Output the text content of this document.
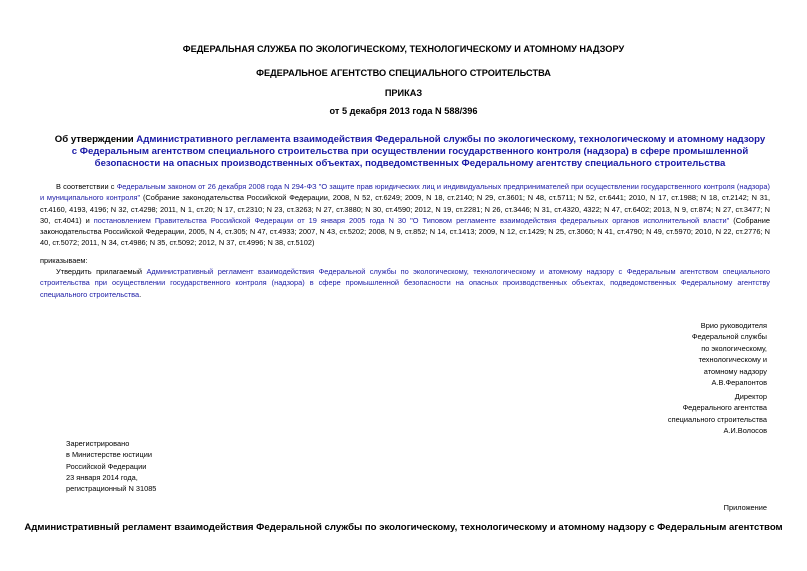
ФЕДЕРАЛЬНАЯ СЛУЖБА ПО ЭКОЛОГИЧЕСКОМУ, ТЕХНОЛОГИЧЕСКОМУ И АТОМНОМУ НАДЗОРУ
ФЕДЕРАЛЬНОЕ АГЕНТСТВО СПЕЦИАЛЬНОГО СТРОИТЕЛЬСТВА
ПРИКАЗ
от 5 декабря 2013 года N 588/396
Об утверждении Административного регламента взаимодействия Федеральной службы по экологическому, технологическому и атомному надзору с Федеральным агентством специального строительства при осуществлении государственного контроля (надзора) в сфере промышленной безопасности на опасных производственных объектах, подведомственных Федеральному агентству специального строительства
В соответствии с Федеральным законом от 26 декабря 2008 года N 294-ФЗ "О защите прав юридических лиц и индивидуальных предпринимателей при осуществлении государственного контроля (надзора) и муниципального контроля" (Собрание законодательства Российской Федерации, 2008, N 52, ст.6249; 2009, N 18, ст.2140; N 29, ст.3601; N 48, ст.5711; N 52, ст.6441; 2010, N 17, ст.1988; N 18, ст.2142; N 31, ст.4160, 4193, 4196; N 32, ст.4298; 2011, N 1, ст.20; N 17, ст.2310; N 23, ст.3263; N 27, ст.3880; N 30, ст.4590; 2012, N 19, ст.2281; N 26, ст.3446; N 31, ст.4320, 4322; N 47, ст.6402; 2013, N 9, ст.874; N 27, ст.3477; N 30, ст.4041) и постановлением Правительства Российской Федерации от 19 января 2005 года N 30 "О Типовом регламенте взаимодействия федеральных органов исполнительной власти" (Собрание законодательства Российской Федерации, 2005, N 4, ст.305; N 47, ст.4933; 2007, N 43, ст.5202; 2008, N 9, ст.852; N 14, ст.1413; 2009, N 12, ст.1429; N 25, ст.3060; N 41, ст.4790; N 49, ст.5970; 2010, N 22, ст.2776; N 40, ст.5072; 2011, N 34, ст.4986; N 35, ст.5092; 2012, N 37, ст.4996; N 38, ст.5102)
приказываем:
Утвердить прилагаемый Административный регламент взаимодействия Федеральной службы по экологическому, технологическому и атомному надзору с Федеральным агентством специального строительства при осуществлении государственного контроля (надзора) в сфере промышленной безопасности на опасных производственных объектах, подведомственных Федеральному агентству специального строительства.
Врио руководителя
Федеральной службы
по экологическому,
технологическому и
атомному надзору
А.В.Ферапонтов
Директор
Федерального агентства
специального строительства
А.И.Волосов
Зарегистрировано
в Министерстве юстиции
Российской Федерации
23 января 2014 года,
регистрационный N 31085
Приложение
Административный регламент взаимодействия Федеральной службы по экологическому, технологическому и атомному надзору с Федеральным агентством
